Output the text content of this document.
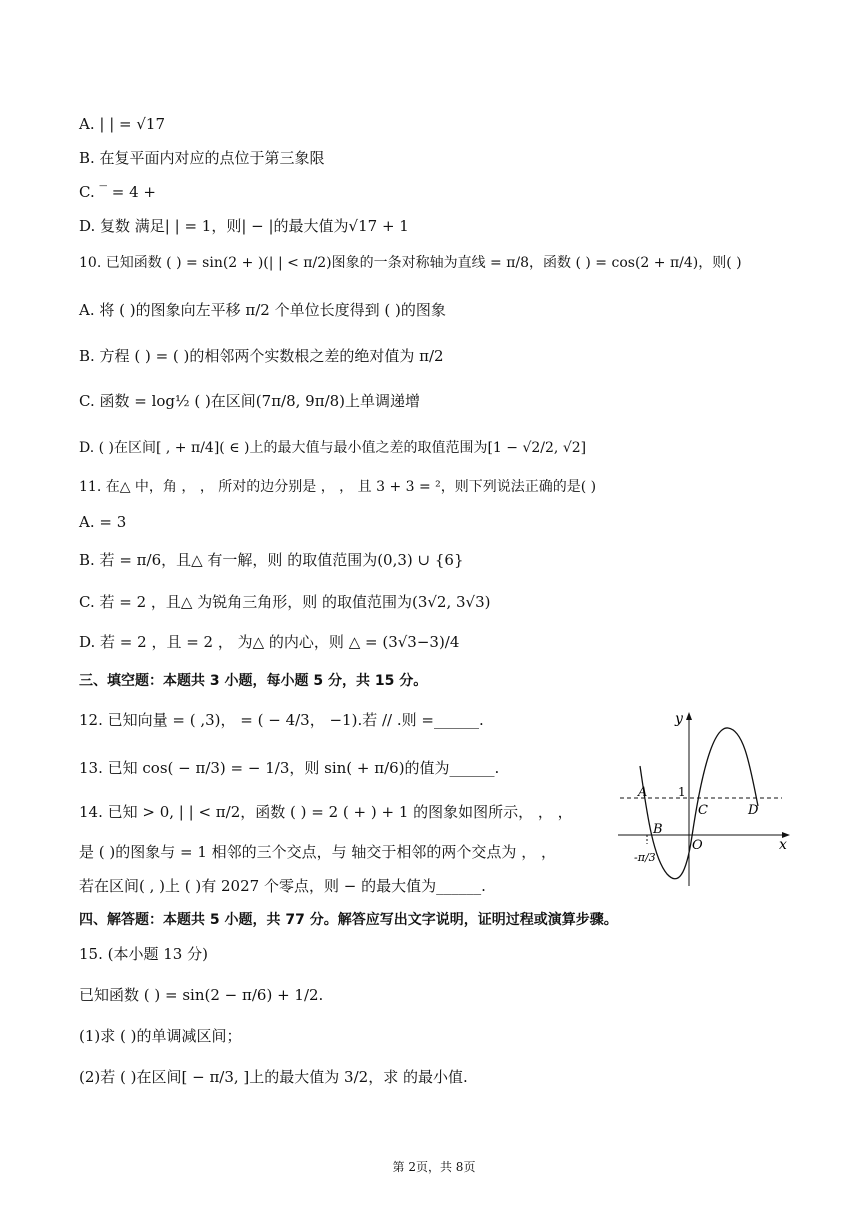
A. | | = √17
B. 在复平面内对应的点位于第三象限
C. ‾ = 4 +
D. 复数 满足| | = 1，则| − |的最大值为√17 + 1
10. 已知函数 ( ) = sin(2 + )(| | < π/2)图象的一条对称轴为直线 = π/8，函数 ( ) = cos(2 + π/4)，则( )
A. 将 ( )的图象向左平移 π/2 个单位长度得到 ( )的图象
B. 方程 ( ) = ( )的相邻两个实数根之差的绝对值为 π/2
C. 函数 = log½ ( )在区间(7π/8, 9π/8)上单调递增
D. ( )在区间[ , + π/4]( ∈ )上的最大值与最小值之差的取值范围为[1 − √2/2, √2]
11. 在△ 中，角 ， ， 所对的边分别是 ， ， 且 3 + 3 = ²，则下列说法正确的是( )
A. = 3
B. 若 = π/6，且△ 有一解，则 的取值范围为(0,3) ∪ {6}
C. 若 = 2 ，且△ 为锐角三角形，则 的取值范围为(3√2, 3√3)
D. 若 = 2 ，且 = 2 ， 为△ 的内心，则 △ = (3√3−3)/4
三、填空题：本题共 3 小题，每小题 5 分，共 15 分。
12. 已知向量 = ( ,3)， = ( − 4/3， −1).若 // .则 =______.
13. 已知 cos( − π/3) = − 1/3，则 sin( + π/6)的值为______.
14. 已知 > 0, | | < π/2，函数 ( ) = 2 ( + ) + 1 的图象如图所示， ， ，
是 ( )的图象与 = 1 相邻的三个交点，与 轴交于相邻的两个交点为 ， ，
若在区间( , )上 ( )有 2027 个零点，则 − 的最大值为______.
四、解答题：本题共 5 小题，共 77 分。解答应写出文字说明，证明过程或演算步骤。
15. (本小题 13 分)
已知函数 ( ) = sin(2 − π/6) + 1/2.
(1)求 ( )的单调减区间；
(2)若 ( )在区间[ − π/3, ]上的最大值为 3/2，求 的最小值.
y
x
1
-π/3
A
B
C	D
O
第 2页，共 8页
